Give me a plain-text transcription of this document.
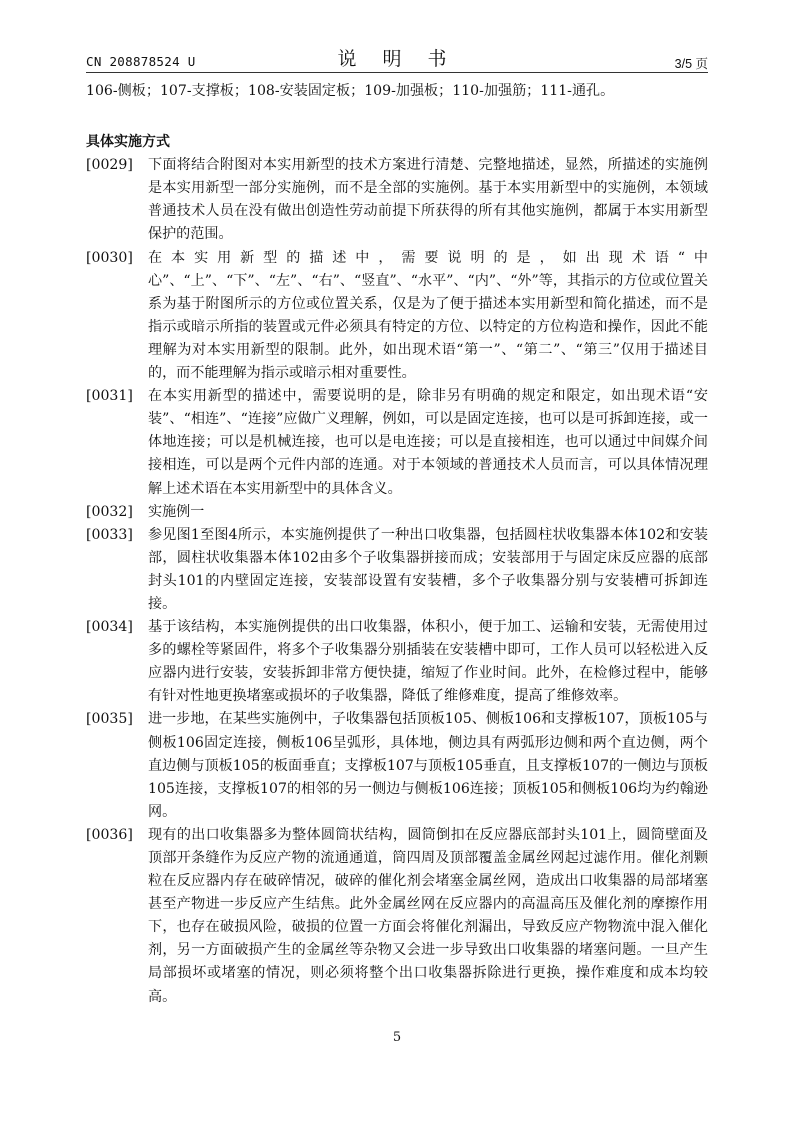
CN 208878524 U	说 明 书	3/5 页

106-侧板；107-支撑板；108-安装固定板；109-加强板；110-加强筋；111-通孔。

具体实施方式

[0029] 下面将结合附图对本实用新型的技术方案进行清楚、完整地描述，显然，所描述的实施例是本实用新型一部分实施例，而不是全部的实施例。基于本实用新型中的实施例，本领域普通技术人员在没有做出创造性劳动前提下所获得的所有其他实施例，都属于本实用新型保护的范围。
[0030] 在本实用新型的描述中，需要说明的是，如出现术语“中心”、“上”、“下”、“左”、“右”、“竖直”、“水平”、“内”、“外”等，其指示的方位或位置关系为基于附图所示的方位或位置关系，仅是为了便于描述本实用新型和简化描述，而不是指示或暗示所指的装置或元件必须具有特定的方位、以特定的方位构造和操作，因此不能理解为对本实用新型的限制。此外，如出现术语“第一”、“第二”、“第三”仅用于描述目的，而不能理解为指示或暗示相对重要性。
[0031] 在本实用新型的描述中，需要说明的是，除非另有明确的规定和限定，如出现术语“安装”、“相连”、“连接”应做广义理解，例如，可以是固定连接，也可以是可拆卸连接，或一体地连接；可以是机械连接，也可以是电连接；可以是直接相连，也可以通过中间媒介间接相连，可以是两个元件内部的连通。对于本领域的普通技术人员而言，可以具体情况理解上述术语在本实用新型中的具体含义。
[0032] 实施例一
[0033] 参见图1至图4所示，本实施例提供了一种出口收集器，包括圆柱状收集器本体102和安装部，圆柱状收集器本体102由多个子收集器拼接而成；安装部用于与固定床反应器的底部封头101的内壁固定连接，安装部设置有安装槽，多个子收集器分别与安装槽可拆卸连接。
[0034] 基于该结构，本实施例提供的出口收集器，体积小，便于加工、运输和安装，无需使用过多的螺栓等紧固件，将多个子收集器分别插装在安装槽中即可，工作人员可以轻松进入反应器内进行安装，安装拆卸非常方便快捷，缩短了作业时间。此外，在检修过程中，能够有针对性地更换堵塞或损坏的子收集器，降低了维修难度，提高了维修效率。
[0035] 进一步地，在某些实施例中，子收集器包括顶板105、侧板106和支撑板107，顶板105与侧板106固定连接，侧板106呈弧形，具体地，侧边具有两弧形边侧和两个直边侧，两个直边侧与顶板105的板面垂直；支撑板107与顶板105垂直，且支撑板107的一侧边与顶板105连接，支撑板107的相邻的另一侧边与侧板106连接；顶板105和侧板106均为约翰逊网。
[0036] 现有的出口收集器多为整体圆筒状结构，圆筒倒扣在反应器底部封头101上，圆筒壁面及顶部开条缝作为反应产物的流通通道，筒四周及顶部覆盖金属丝网起过滤作用。催化剂颗粒在反应器内存在破碎情况，破碎的催化剂会堵塞金属丝网，造成出口收集器的局部堵塞甚至产物进一步反应产生结焦。此外金属丝网在反应器内的高温高压及催化剂的摩擦作用下，也存在破损风险，破损的位置一方面会将催化剂漏出，导致反应产物物流中混入催化剂，另一方面破损产生的金属丝等杂物又会进一步导致出口收集器的堵塞问题。一旦产生局部损坏或堵塞的情况，则必须将整个出口收集器拆除进行更换，操作难度和成本均较高。
5
